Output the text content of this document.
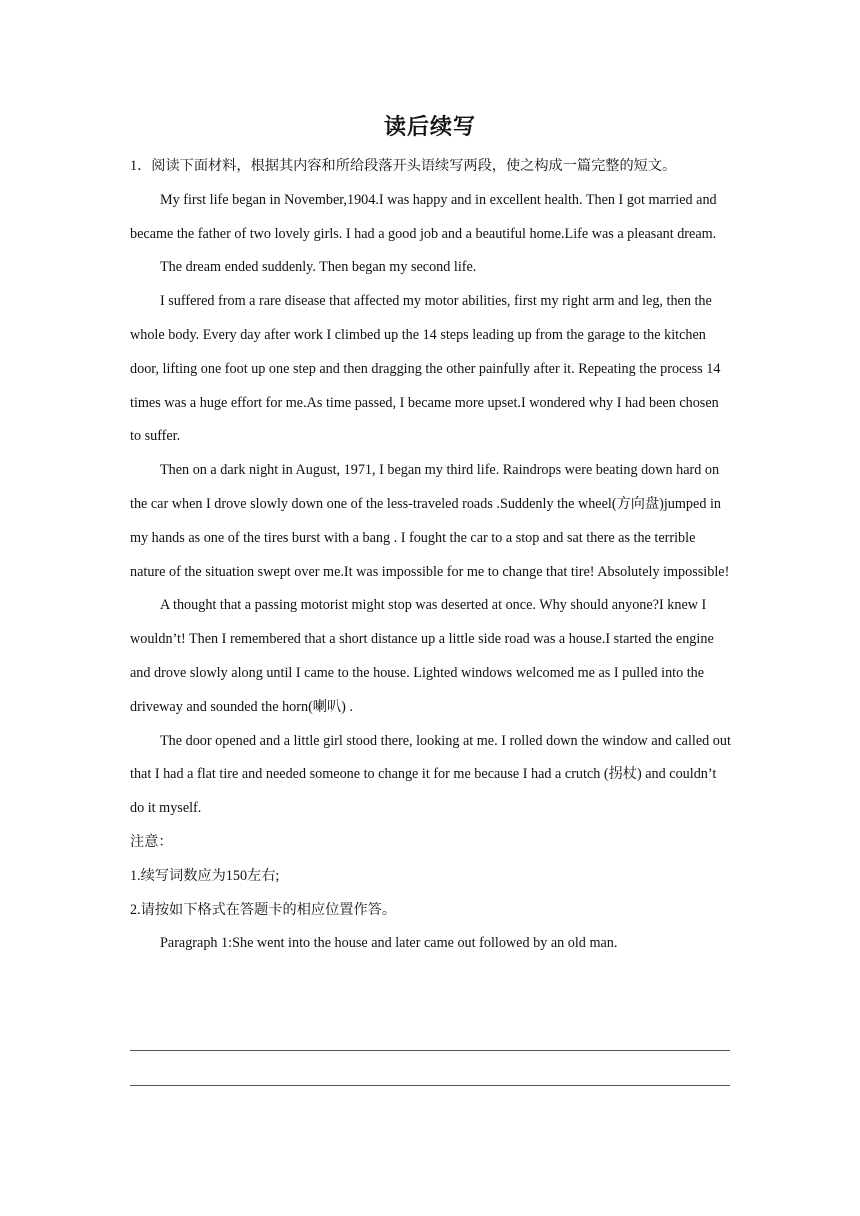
读后续写

1．阅读下面材料，根据其内容和所给段落开头语续写两段，使之构成一篇完整的短文。

My first life began in November,1904.I was happy and in excellent health. Then I got married and became the father of two lovely girls. I had a good job and a beautiful home.Life was a pleasant dream.

The dream ended suddenly. Then began my second life.

I suffered from a rare disease that affected my motor abilities, first my right arm and leg, then the whole body. Every day after work I climbed up the 14 steps leading up from the garage to the kitchen door, lifting one foot up one step and then dragging the other painfully after it. Repeating the process 14 times was a huge effort for me.As time passed, I became more upset.I wondered why I had been chosen to suffer.

Then on a dark night in August, 1971, I began my third life. Raindrops were beating down hard on the car when I drove slowly down one of the less-traveled roads .Suddenly the wheel(方向盘)jumped in my hands as one of the tires burst with a bang . I fought the car to a stop and sat there as the terrible nature of the situation swept over me.It was impossible for me to change that tire! Absolutely impossible!

A thought that a passing motorist might stop was deserted at once. Why should anyone?I knew I wouldn’t! Then I remembered that a short distance up a little side road was a house.I started the engine and drove slowly along until I came to the house. Lighted windows welcomed me as I pulled into the driveway and sounded the horn(喇叭) .

The door opened and a little girl stood there, looking at me. I rolled down the window and called out that I had a flat tire and needed someone to change it for me because I had a crutch (拐杖) and couldn’t do it myself.

注意：

1.续写词数应为150左右;

2.请按如下格式在答题卡的相应位置作答。

Paragraph 1:She went into the house and later came out followed by an old man.
